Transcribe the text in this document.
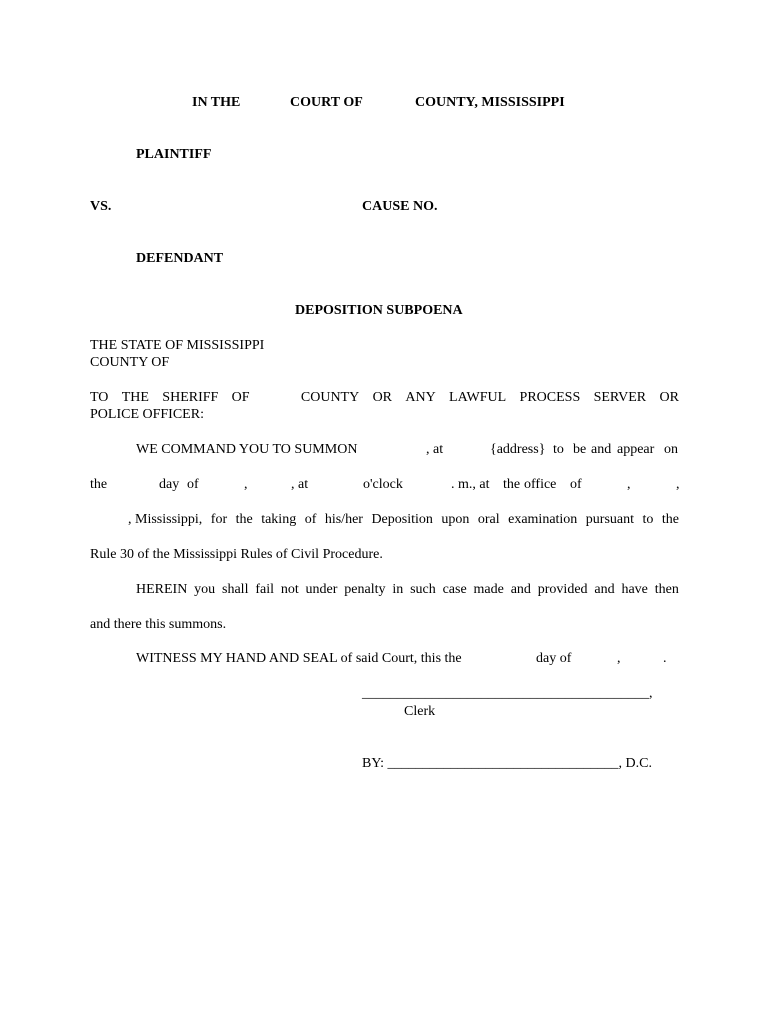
IN THE	COURT OF	COUNTY, MISSISSIPPI
PLAINTIFF
VS.	CAUSE NO.
DEFENDANT
DEPOSITION SUBPOENA
THE STATE OF MISSISSIPPI
COUNTY OF
TO THE SHERIFF OF	COUNTY OR ANY LAWFUL PROCESS SERVER OR
POLICE OFFICER:
WE COMMAND YOU TO SUMMON	, at	{address} to be and appear on
the	day of	,	, at	o'clock	. m., at the office of	,	,
, Mississippi, for the taking of his/her Deposition upon oral examination pursuant to the
Rule 30 of the Mississippi Rules of Civil Procedure.
HEREIN you shall fail not under penalty in such case made and provided and have then
and there this summons.
WITNESS MY HAND AND SEAL of said Court, this the	day of	,	.
_________________________________________,
Clerk
BY: _________________________________, D.C.
